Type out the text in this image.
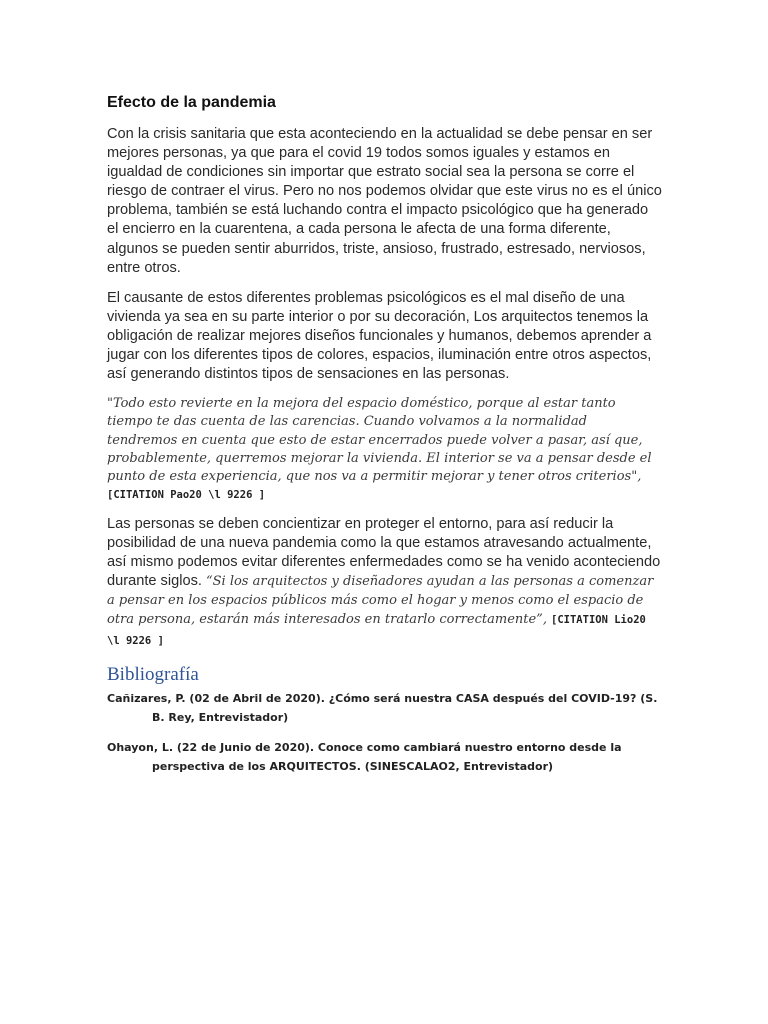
Efecto de la pandemia

Con la crisis sanitaria que esta aconteciendo en la actualidad se debe pensar en ser mejores personas, ya que para el covid 19 todos somos iguales y estamos en igualdad de condiciones sin importar que estrato social sea la persona se corre el riesgo de contraer el virus. Pero no nos podemos olvidar que este virus no es el único problema, también se está luchando contra el impacto psicológico que ha generado el encierro en la cuarentena, a cada persona le afecta de una forma diferente, algunos se pueden sentir aburridos, triste, ansioso, frustrado, estresado, nerviosos, entre otros.

El causante de estos diferentes problemas psicológicos es el mal diseño de una vivienda ya sea en su parte interior o por su decoración, Los arquitectos tenemos la obligación de realizar mejores diseños funcionales y humanos, debemos aprender a jugar con los diferentes tipos de colores, espacios, iluminación entre otros aspectos, así generando distintos tipos de sensaciones en las personas.

"Todo esto revierte en la mejora del espacio doméstico, porque al estar tanto tiempo te das cuenta de las carencias. Cuando volvamos a la normalidad tendremos en cuenta que esto de estar encerrados puede volver a pasar, así que, probablemente, querremos mejorar la vivienda. El interior se va a pensar desde el punto de esta experiencia, que nos va a permitir mejorar y tener otros criterios", [CITATION Pao20 \l 9226 ]

Las personas se deben concientizar en proteger el entorno, para así reducir la posibilidad de una nueva pandemia como la que estamos atravesando actualmente, así mismo podemos evitar diferentes enfermedades como se ha venido aconteciendo durante siglos. “Si los arquitectos y diseñadores ayudan a las personas a comenzar a pensar en los espacios públicos más como el hogar y menos como el espacio de otra persona, estarán más interesados en tratarlo correctamente”, [CITATION Lio20 \l 9226 ]

Bibliografía

Cañizares, P. (02 de Abril de 2020). ¿Cómo será nuestra CASA después del COVID-19? (S. B. Rey, Entrevistador)

Ohayon, L. (22 de Junio de 2020). Conoce como cambiará nuestro entorno desde la perspectiva de los ARQUITECTOS. (SINESCALAO2, Entrevistador)
